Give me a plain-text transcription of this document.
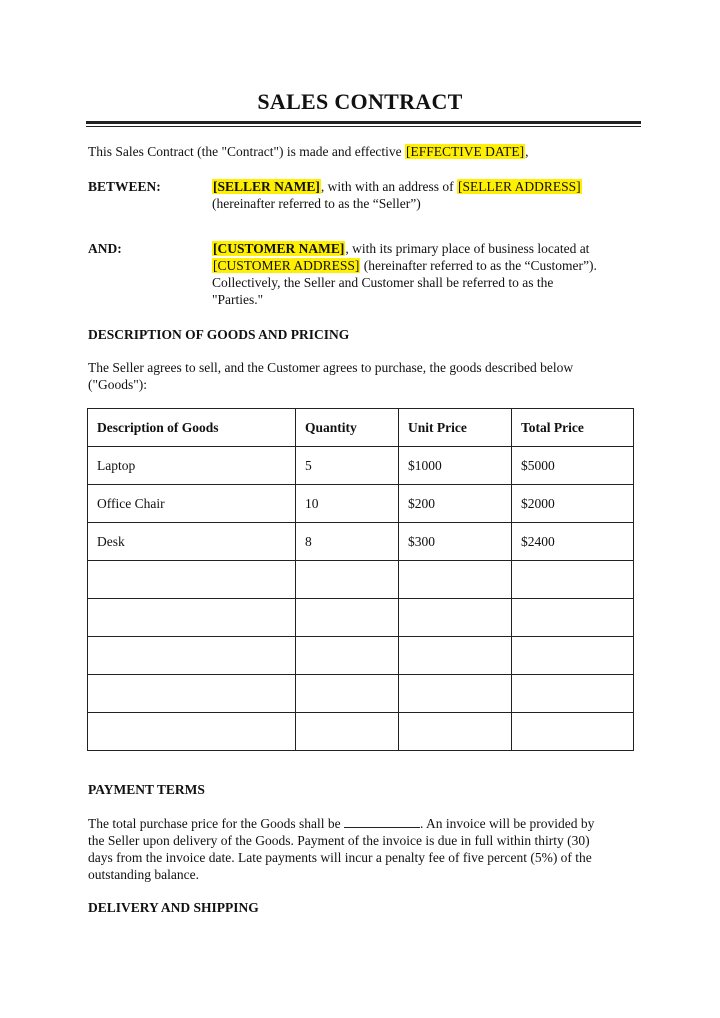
SALES CONTRACT
This Sales Contract (the "Contract") is made and effective [EFFECTIVE DATE],
BETWEEN:	[SELLER NAME], with with an address of [SELLER ADDRESS]
(hereinafter referred to as the “Seller”)
AND:	[CUSTOMER NAME], with its primary place of business located at
[CUSTOMER ADDRESS] (hereinafter referred to as the “Customer”).
Collectively, the Seller and Customer shall be referred to as the
"Parties."
DESCRIPTION OF GOODS AND PRICING
The Seller agrees to sell, and the Customer agrees to purchase, the goods described below
("Goods"):
Description of Goods	Quantity	Unit Price	Total Price
Laptop	5	$1000	$5000
Office Chair	10	$200	$2000
Desk	8	$300	$2400

PAYMENT TERMS
The total purchase price for the Goods shall be	. An invoice will be provided by
the Seller upon delivery of the Goods. Payment of the invoice is due in full within thirty (30)
days from the invoice date. Late payments will incur a penalty fee of five percent (5%) of the
outstanding balance.
DELIVERY AND SHIPPING
